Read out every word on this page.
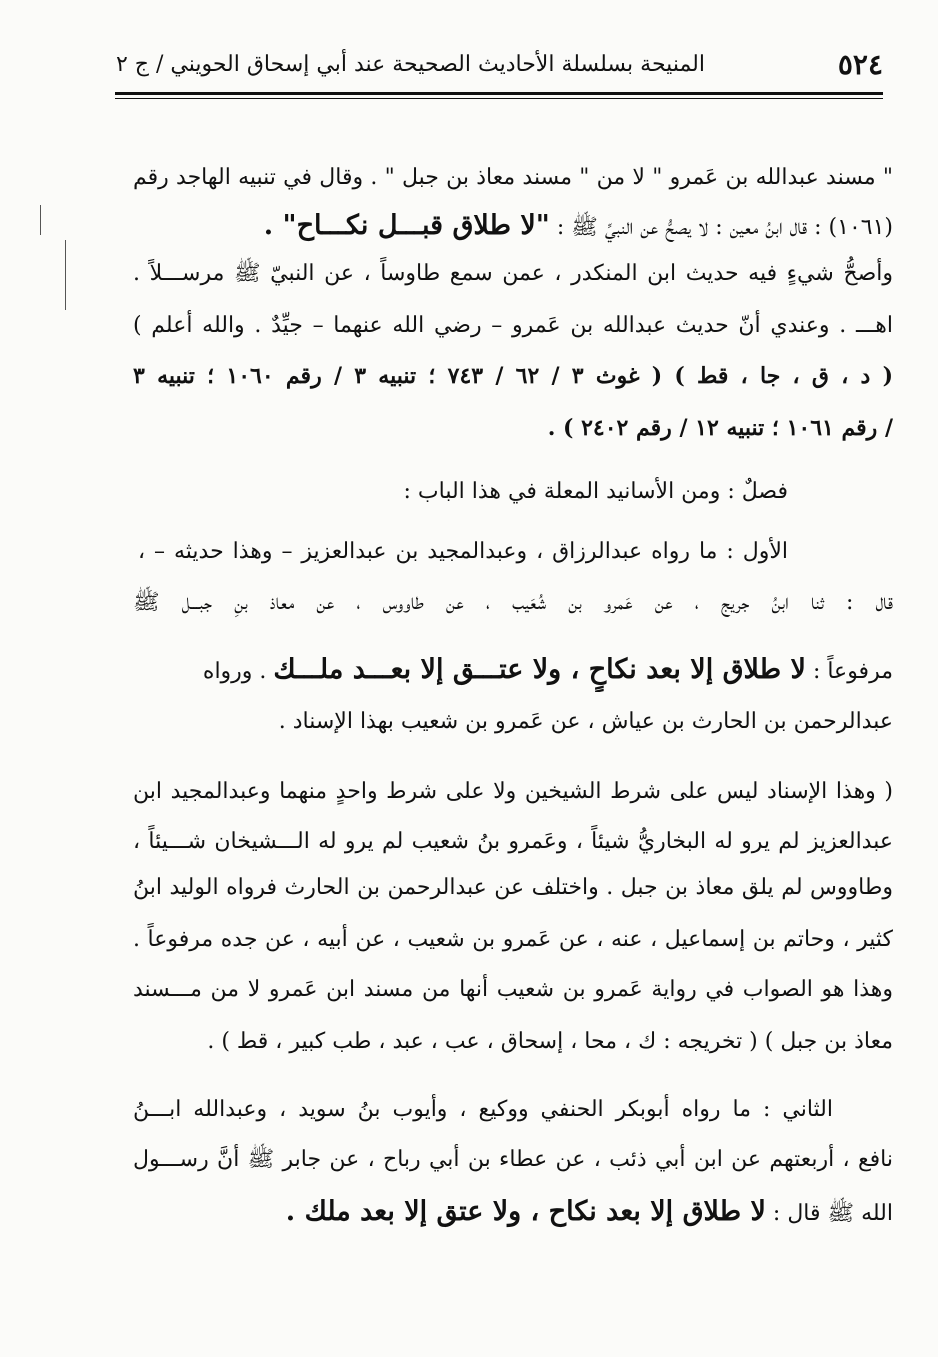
٥٢٤
المنيحة بسلسلة الأحاديث الصحيحة عند أبي إسحاق الحويني / ج ٢
" مسند عبدالله بن عَمرو " لا من " مسند معاذ بن جبل " . وقال في تنبيه الهاجد رقم
(١٠٦١) : قال ابنُ معين : لا يصحُّ عن النبيِّ ﷺ : "لا طلاق قبـــل نكـــاح" .
وأصحُّ شيءٍ فيه حديث ابن المنكدر ، عمن سمع طاوساً ، عن النبيّ ﷺ مرســـلاً .
اهـــ . وعندي أنّ حديث عبدالله بن عَمرو – رضي الله عنهما – جيِّدٌ . والله أعلم )
( د ، ق ، جا ، قط ) ( غوث ٣ / ٦٢ / ٧٤٣ ؛ تنبيه ٣ / رقم ١٠٦٠ ؛ تنبيه ٣
/ رقم ١٠٦١ ؛ تنبيه ١٢ / رقم ٢٤٠٢ ) .
فصلٌ : ومن الأسانيد المعلة في هذا الباب :
الأول : ما رواه عبدالرزاق ، وعبدالمجيد بن عبدالعزيز – وهذا حديثه – ،
قال : ثنا ابنُ جريج ، عن عَمرو بن شُعَيب ، عن طاووس ، عن معاذ بنِ جبـــل ﷺ
مرفوعاً : لا طلاق إلا بعد نكاحٍ ، ولا عتـــق إلا بعـــد ملـــك . ورواه
عبدالرحمن بن الحارث بن عياش ، عن عَمرو بن شعيب بهذا الإسناد .
( وهذا الإسناد ليس على شرط الشيخين ولا على شرط واحدٍ منهما وعبدالمجيد ابن
عبدالعزيز لم يرو له البخاريُّ شيئاً ، وعَمرو بنُ شعيب لم يرو له الـــشيخان شـــيئاً ،
وطاووس لم يلق معاذ بن جبل . واختلف عن عبدالرحمن بن الحارث فرواه الوليد ابنُ
كثير ، وحاتم بن إسماعيل ، عنه ، عن عَمرو بن شعيب ، عن أبيه ، عن جده مرفوعاً .
وهذا هو الصواب في رواية عَمرو بن شعيب أنها من مسند ابن عَمرو لا من مـــسند
معاذ بن جبل ) ( تخريجه : ك ، محا ، إسحاق ، عب ، عبد ، طب كبير ، قط ) .
الثاني : ما رواه أبوبكر الحنفي ووكيع ، وأيوب بنُ سويد ، وعبدالله ابـــنُ
نافع ، أربعتهم عن ابن أبي ذئب ، عن عطاء بن أبي رباح ، عن جابر ﷺ أنَّ رســـول
الله ﷺ قال : لا طلاق إلا بعد نكاح ، ولا عتق إلا بعد ملك .
